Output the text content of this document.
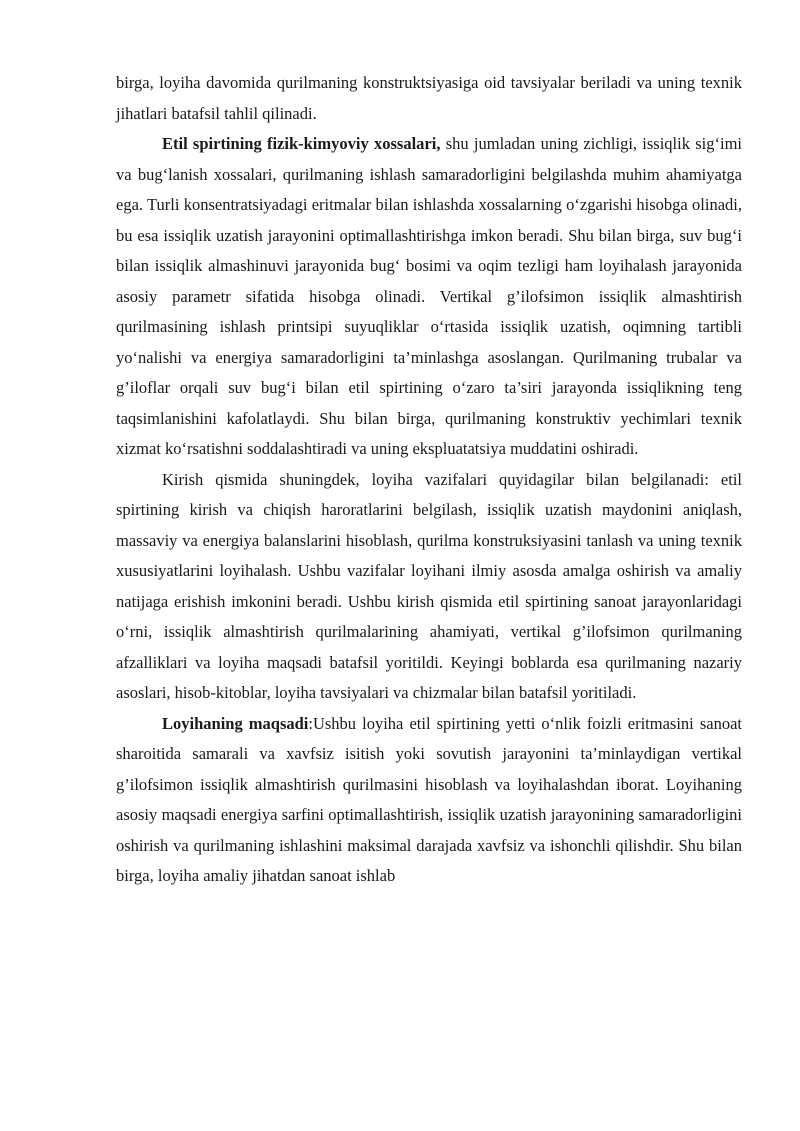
birga, loyiha davomida qurilmaning konstruktsiyasiga oid tavsiyalar beriladi va uning texnik jihatlari batafsil tahlil qilinadi.

Etil spirtining fizik-kimyoviy xossalari, shu jumladan uning zichligi, issiqlik sig‘imi va bug‘lanish xossalari, qurilmaning ishlash samaradorligini belgilashda muhim ahamiyatga ega. Turli konsentratsiyadagi eritmalar bilan ishlashda xossalarning o‘zgarishi hisobga olinadi, bu esa issiqlik uzatish jarayonini optimallashtirishga imkon beradi. Shu bilan birga, suv bug‘i bilan issiqlik almashinuvi jarayonida bug‘ bosimi va oqim tezligi ham loyihalash jarayonida asosiy parametr sifatida hisobga olinadi. Vertikal g’ilofsimon issiqlik almashtirish qurilmasining ishlash printsipi suyuqliklar o‘rtasida issiqlik uzatish, oqimning tartibli yo‘nalishi va energiya samaradorligini ta’minlashga asoslangan. Qurilmaning trubalar va g’iloflar orqali suv bug‘i bilan etil spirtining o‘zaro ta’siri jarayonda issiqlikning teng taqsimlanishini kafolatlaydi. Shu bilan birga, qurilmaning konstruktiv yechimlari texnik xizmat ko‘rsatishni soddalashtiradi va uning ekspluatatsiya muddatini oshiradi.

Kirish qismida shuningdek, loyiha vazifalari quyidagilar bilan belgilanadi: etil spirtining kirish va chiqish haroratlarini belgilash, issiqlik uzatish maydonini aniqlash, massaviy va energiya balanslarini hisoblash, qurilma konstruksiyasini tanlash va uning texnik xususiyatlarini loyihalash. Ushbu vazifalar loyihani ilmiy asosda amalga oshirish va amaliy natijaga erishish imkonini beradi. Ushbu kirish qismida etil spirtining sanoat jarayonlaridagi o‘rni, issiqlik almashtirish qurilmalarining ahamiyati, vertikal g’ilofsimon qurilmaning afzalliklari va loyiha maqsadi batafsil yoritildi. Keyingi boblarda esa qurilmaning nazariy asoslari, hisob-kitoblar, loyiha tavsiyalari va chizmalar bilan batafsil yoritiladi.

Loyihaning maqsadi:Ushbu loyiha etil spirtining yetti o‘nlik foizli eritmasini sanoat sharoitida samarali va xavfsiz isitish yoki sovutish jarayonini ta’minlaydigan vertikal g’ilofsimon issiqlik almashtirish qurilmasini hisoblash va loyihalashdan iborat. Loyihaning asosiy maqsadi energiya sarfini optimallashtirish, issiqlik uzatish jarayonining samaradorligini oshirish va qurilmaning ishlashini maksimal darajada xavfsiz va ishonchli qilishdir. Shu bilan birga, loyiha amaliy jihatdan sanoat ishlab
